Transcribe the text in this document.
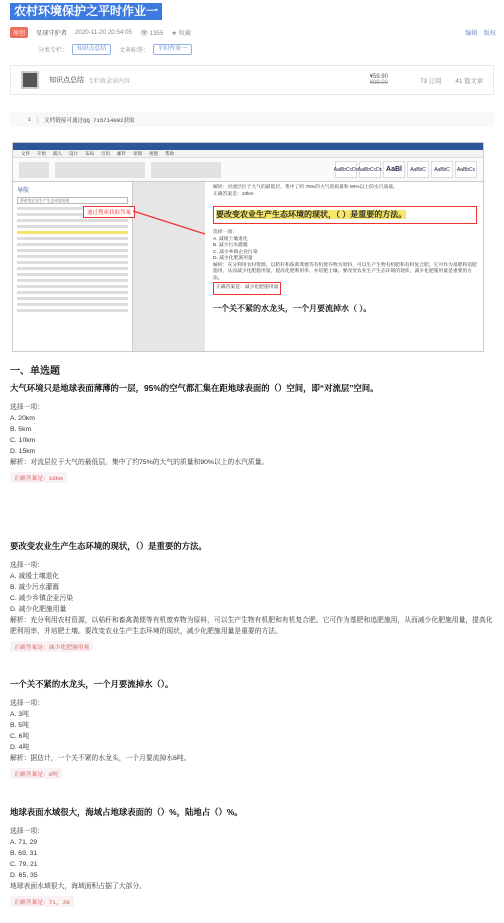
农村环境保护之平时作业一
原创	星球守护者 2020-11-20 20:54:05 👁 1355 ★ 收藏	编辑 版权
分类专栏：	知识点总结	文章标签：	平时作业一
知识点总结 专栏收录该内容
¥59.90
¥99.00	73 订阅 41 篇文章
1	文档链接可通过QQ 715714092获取
文件 开始 插入 设计 布局 引用 邮件 审阅 视图 帮助
AaBbCcDc AaBbCcDc AaBl	AaBbC	AaBbC	AaBbCc
导航
要改变农业生产生态环境的现
通过搜索获取答案
解析：对流层位于大气的最低层，集中了约 75%的大气的质量和 90%以上的水汽质量。
正确答案是：10km
要改变农业生产生态环境的现状，（ ）是重要的方法。
选择一项：
A. 减缓土壤退化
B. 减少污水灌溉
C. 减少乡镇企业污染
D. 减少化肥施用量
解析：充分利用农村资源，以秸秆和畜禽粪便等有机废弃物为原料，可以生产生物有机肥和有机复合肥。它可作为基肥和追肥施用，从而减少化肥施用量，提高化肥利用率，并培肥土壤。要改变农业生产生态环境的现状，减少化肥施用量是重要的方法。
正确答案是：减少化肥施用量
一个关不紧的水龙头，一个月要流掉水（ ）。
一、单选题
大气环境只是地球表面薄薄的一层，95%的空气都汇集在距地球表面的（）空间，即“对流层”空间。
选择一项：
A. 20km
B. 5km
C. 10km
D. 15km
解析：对流层位于大气的最低层，集中了约75%的大气的质量和90%以上的水汽质量。
正确答案是：10km
要改变农业生产生态环境的现状，（）是重要的方法。
选择一项：
A. 减缓土壤退化
B. 减少污水灌溉
C. 减少乡镇企业污染
D. 减少化肥施用量
解析：充分利用农村资源，以秸秆和畜禽粪便等有机废弃物为原料，可以生产生物有机肥和有机复合肥。它可作为基肥和追肥施用，从而减少化肥施用量，提高化肥利用率，并培肥土壤。要改变农业生产生态环境的现状，减少化肥施用量是重要的方法。
正确答案是：减少化肥施用量
一个关不紧的水龙头，一个月要流掉水（）。
选择一项：
A. 3吨
B. 5吨
C. 6吨
D. 4吨
解析：据估计，一个关不紧的水龙头，一个月要流掉水6吨。
正确答案是：6吨
地球表面水域很大，海域占地球表面的（）%，陆地占（）%。
选择一项：
A. 71, 29
B. 69, 31
C. 79, 21
D. 65, 35
地球表面水域很大，海域面积占据了大部分。
正确答案是：71, 29
